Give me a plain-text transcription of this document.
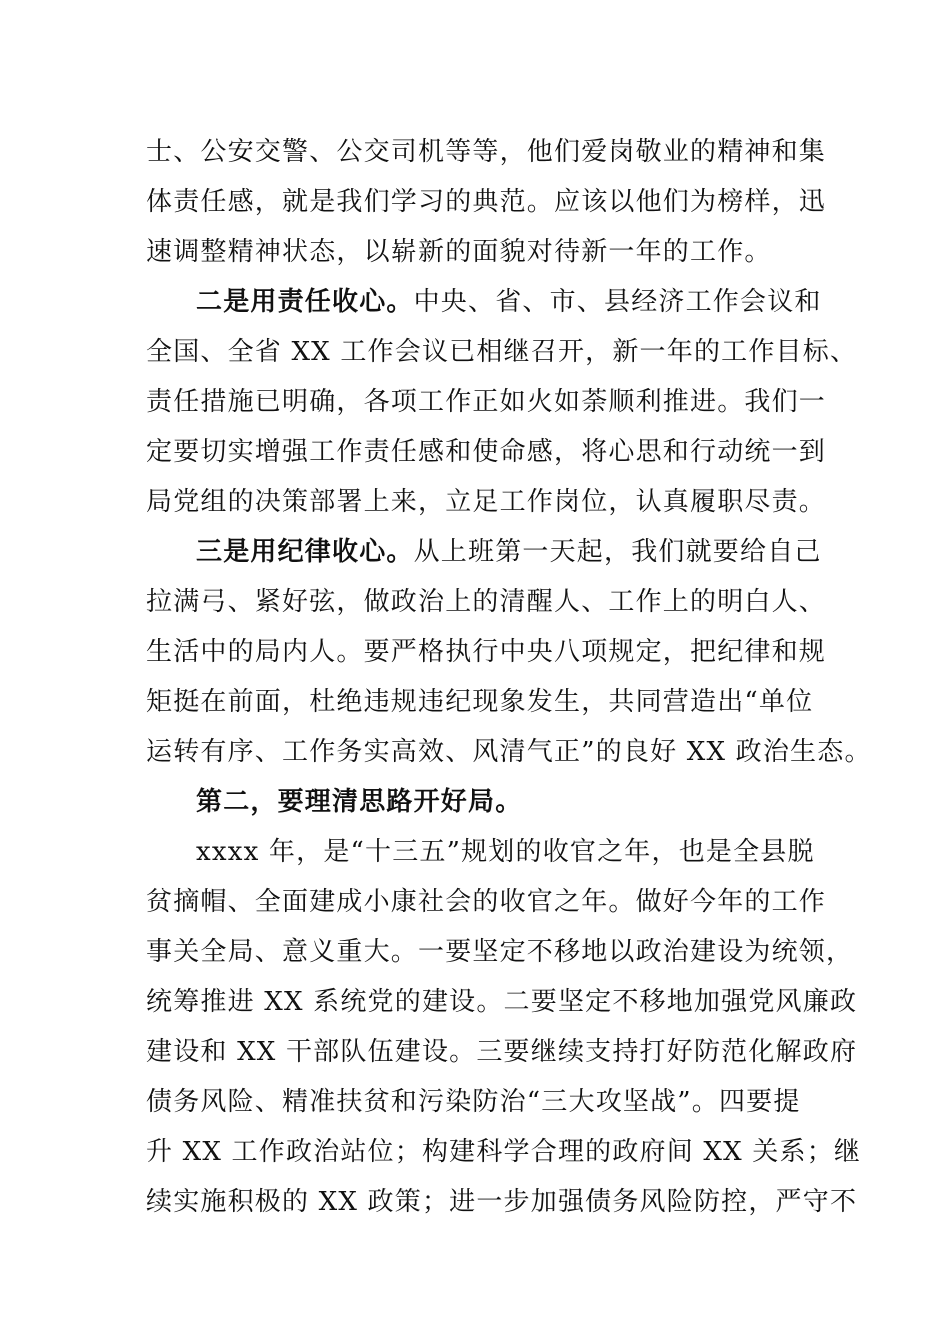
士、公安交警、公交司机等等，他们爱岗敬业的精神和集
体责任感，就是我们学习的典范。应该以他们为榜样，迅
速调整精神状态，以崭新的面貌对待新一年的工作。
二是用责任收心。中央、省、市、县经济工作会议和
全国、全省 XX 工作会议已相继召开，新一年的工作目标、
责任措施已明确，各项工作正如火如荼顺利推进。我们一
定要切实增强工作责任感和使命感，将心思和行动统一到
局党组的决策部署上来，立足工作岗位，认真履职尽责。
三是用纪律收心。从上班第一天起，我们就要给自己
拉满弓、紧好弦，做政治上的清醒人、工作上的明白人、
生活中的局内人。要严格执行中央八项规定，把纪律和规
矩挺在前面，杜绝违规违纪现象发生，共同营造出“单位
运转有序、工作务实高效、风清气正”的良好 XX 政治生态。
第二，要理清思路开好局。
xxxx 年，是“十三五”规划的收官之年，也是全县脱
贫摘帽、全面建成小康社会的收官之年。做好今年的工作
事关全局、意义重大。一要坚定不移地以政治建设为统领，
统筹推进 XX 系统党的建设。二要坚定不移地加强党风廉政
建设和 XX 干部队伍建设。三要继续支持打好防范化解政府
债务风险、精准扶贫和污染防治“三大攻坚战”。四要提
升 XX 工作政治站位；构建科学合理的政府间 XX 关系；继
续实施积极的 XX 政策；进一步加强债务风险防控，严守不
